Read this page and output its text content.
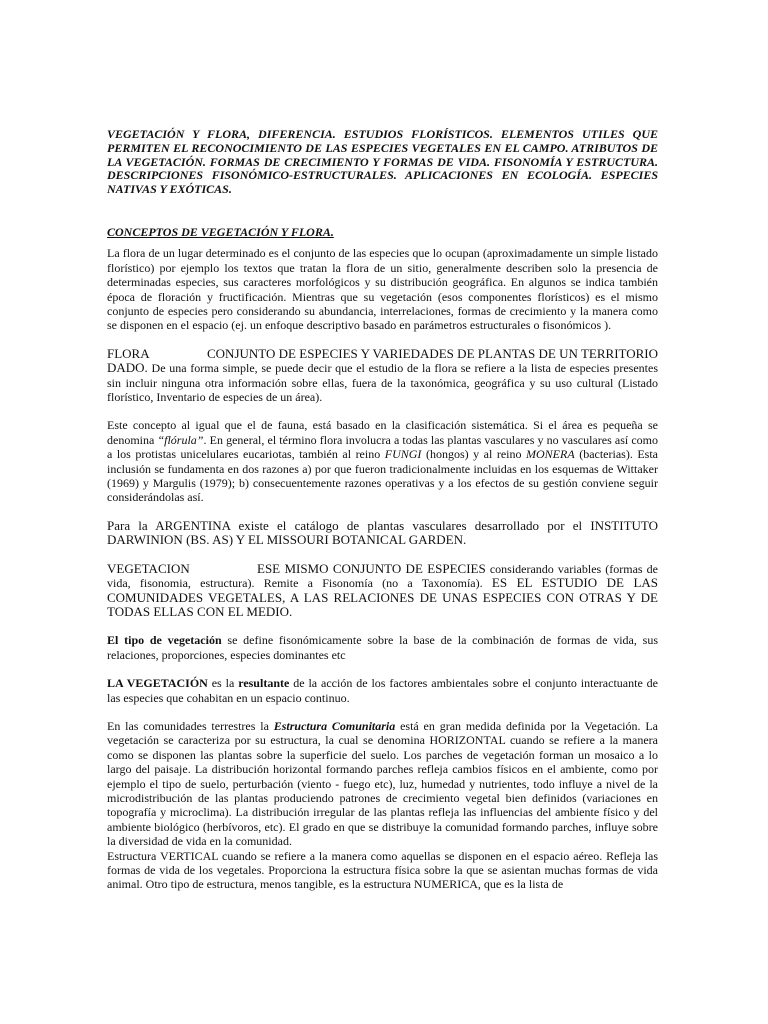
VEGETACIÓN Y FLORA, DIFERENCIA. ESTUDIOS FLORÍSTICOS. ELEMENTOS UTILES QUE PERMITEN EL RECONOCIMIENTO DE LAS ESPECIES VEGETALES EN EL CAMPO. ATRIBUTOS DE LA VEGETACIÓN. FORMAS DE CRECIMIENTO Y FORMAS DE VIDA. FISONOMÍA Y ESTRUCTURA. DESCRIPCIONES FISONÓMICO-ESTRUCTURALES. APLICACIONES EN ECOLOGÍA. ESPECIES NATIVAS Y EXÓTICAS.
CONCEPTOS DE VEGETACIÓN Y FLORA.

La flora de un lugar determinado es el conjunto de las especies que lo ocupan (aproximadamente un simple listado florístico) por ejemplo los textos que tratan la flora de un sitio, generalmente describen solo la presencia de determinadas especies, sus caracteres morfológicos y su distribución geográfica. En algunos se indica también época de floración y fructificación. Mientras que su vegetación (esos componentes florísticos) es el mismo conjunto de especies pero considerando su abundancia, interrelaciones, formas de crecimiento y la manera como se disponen en el espacio (ej. un enfoque descriptivo basado en parámetros estructurales o fisonómicos ).

FLORA	CONJUNTO DE ESPECIES Y VARIEDADES DE PLANTAS DE UN TERRITORIO DADO. De una forma simple, se puede decir que el estudio de la flora se refiere a la lista de especies presentes sin incluir ninguna otra información sobre ellas, fuera de la taxonómica, geográfica y su uso cultural (Listado florístico, Inventario de especies de un área).

Este concepto al igual que el de fauna, está basado en la clasificación sistemática. Si el área es pequeña se denomina “flórula”. En general, el término flora involucra a todas las plantas vasculares y no vasculares así como a los protistas unicelulares eucariotas, también al reino FUNGI (hongos) y al reino MONERA (bacterias). Esta inclusión se fundamenta en dos razones a) por que fueron tradicionalmente incluidas en los esquemas de Wittaker (1969) y Margulis (1979); b) consecuentemente razones operativas y a los efectos de su gestión conviene seguir considerándolas así.

Para la ARGENTINA existe el catálogo de plantas vasculares desarrollado por el INSTITUTO DARWINION (BS. AS) Y EL MISSOURI BOTANICAL GARDEN.

VEGETACION	ESE MISMO CONJUNTO DE ESPECIES considerando variables (formas de vida, fisonomia, estructura). Remite a Fisonomía (no a Taxonomía). ES EL ESTUDIO DE LAS COMUNIDADES VEGETALES, A LAS RELACIONES DE UNAS ESPECIES CON OTRAS Y DE TODAS ELLAS CON EL MEDIO.

El tipo de vegetación se define fisonómicamente sobre la base de la combinación de formas de vida, sus relaciones, proporciones, especies dominantes etc

LA VEGETACIÓN es la resultante de la acción de los factores ambientales sobre el conjunto interactuante de las especies que cohabitan en un espacio continuo.

En las comunidades terrestres la Estructura Comunitaria está en gran medida definida por la Vegetación. La vegetación se caracteriza por su estructura, la cual se denomina HORIZONTAL cuando se refiere a la manera como se disponen las plantas sobre la superficie del suelo. Los parches de vegetación forman un mosaico a lo largo del paisaje. La distribución horizontal formando parches refleja cambios físicos en el ambiente, como por ejemplo el tipo de suelo, perturbación (viento - fuego etc), luz, humedad y nutrientes, todo influye a nivel de la microdistribución de las plantas produciendo patrones de crecimiento vegetal bien definidos (variaciones en topografía y microclima). La distribución irregular de las plantas refleja las influencias del ambiente físico y del ambiente biológico (herbívoros, etc). El grado en que se distribuye la comunidad formando parches, influye sobre la diversidad de vida en la comunidad.

Estructura VERTICAL cuando se refiere a la manera como aquellas se disponen en el espacio aéreo. Refleja las formas de vida de los vegetales. Proporciona la estructura física sobre la que se asientan muchas formas de vida animal. Otro tipo de estructura, menos tangible, es la estructura NUMERICA, que es la lista de
